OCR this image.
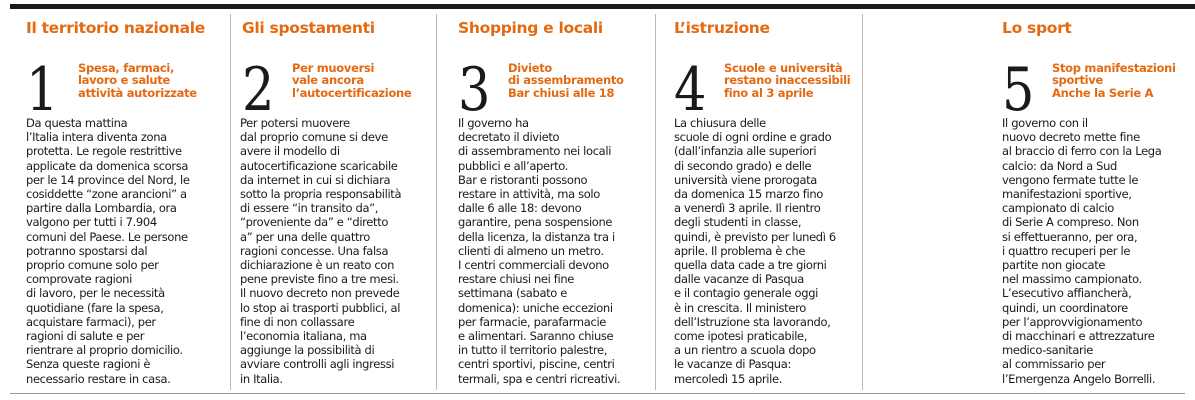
Il territorio nazionale
1 Spesa, farmaci,
lavoro e salute
attività autorizzate
Da questa mattina
l’Italia intera diventa zona
protetta. Le regole restrittive
applicate da domenica scorsa
per le 14 province del Nord, le
cosiddette “zone arancioni” a
partire dalla Lombardia, ora
valgono per tutti i 7.904
comuni del Paese. Le persone
potranno spostarsi dal
proprio comune solo per
comprovate ragioni
di lavoro, per le necessità
quotidiane (fare la spesa,
acquistare farmaci), per
ragioni di salute e per
rientrare al proprio domicilio.
Senza queste ragioni è
necessario restare in casa.
Gli spostamenti
2 Per muoversi
vale ancora
l’autocertificazione
Per potersi muovere
dal proprio comune si deve
avere il modello di
autocertificazione scaricabile
da internet in cui si dichiara
sotto la propria responsabilità
di essere “in transito da”,
“proveniente da” e “diretto
a” per una delle quattro
ragioni concesse. Una falsa
dichiarazione è un reato con
pene previste fino a tre mesi.
Il nuovo decreto non prevede
lo stop ai trasporti pubblici, al
fine di non collassare
l’economia italiana, ma
aggiunge la possibilità di
avviare controlli agli ingressi
in Italia.
Shopping e locali
3 Divieto
di assembramento
Bar chiusi alle 18
Il governo ha
decretato il divieto
di assembramento nei locali
pubblici e all’aperto.
Bar e ristoranti possono
restare in attività, ma solo
dalle 6 alle 18: devono
garantire, pena sospensione
della licenza, la distanza tra i
clienti di almeno un metro.
I centri commerciali devono
restare chiusi nei fine
settimana (sabato e
domenica): uniche eccezioni
per farmacie, parafarmacie
e alimentari. Saranno chiuse
in tutto il territorio palestre,
centri sportivi, piscine, centri
termali, spa e centri ricreativi.
L’istruzione
4 Scuole e università
restano inaccessibili
fino al 3 aprile
La chiusura delle
scuole di ogni ordine e grado
(dall’infanzia alle superiori
di secondo grado) e delle
università viene prorogata
da domenica 15 marzo fino
a venerdì 3 aprile. Il rientro
degli studenti in classe,
quindi, è previsto per lunedì 6
aprile. Il problema è che
quella data cade a tre giorni
dalle vacanze di Pasqua
e il contagio generale oggi
è in crescita. Il ministero
dell’Istruzione sta lavorando,
come ipotesi praticabile,
a un rientro a scuola dopo
le vacanze di Pasqua:
mercoledì 15 aprile.
Lo sport
5 Stop manifestazioni
sportive
Anche la Serie A
Il governo con il
nuovo decreto mette fine
al braccio di ferro con la Lega
calcio: da Nord a Sud
vengono fermate tutte le
manifestazioni sportive,
campionato di calcio
di Serie A compreso. Non
si effettueranno, per ora,
i quattro recuperi per le
partite non giocate
nel massimo campionato.
L’esecutivo affiancherà,
quindi, un coordinatore
per l’approvvigionamento
di macchinari e attrezzature
medico-sanitarie
al commissario per
l’Emergenza Angelo Borrelli.
